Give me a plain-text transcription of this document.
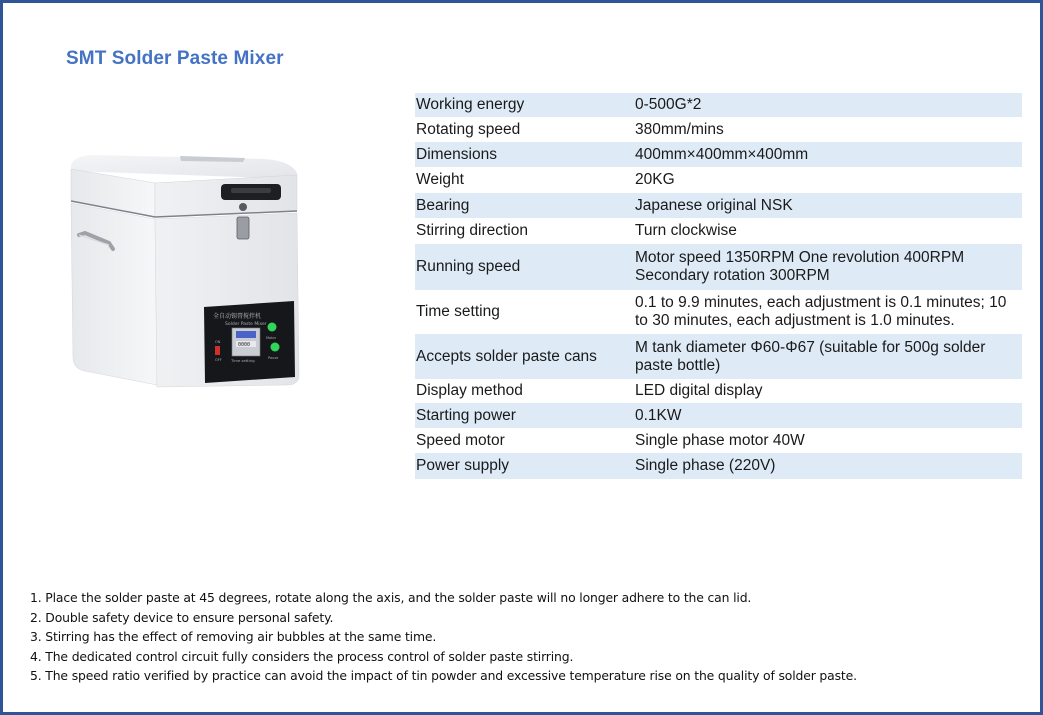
SMT Solder Paste Mixer
全自动锡膏搅拌机
Solder Paste Mixer
0000
Time setting
ON
OFF
Motor
Pause
Working energy	0-500G*2
Rotating speed	380mm/mins
Dimensions	400mm×400mm×400mm
Weight	20KG
Bearing	Japanese original NSK
Stirring direction	Turn clockwise
Running speed	Motor speed 1350RPM One revolution 400RPM Secondary rotation 300RPM
Time setting	0.1 to 9.9 minutes, each adjustment is 0.1 minutes; 10 to 30 minutes, each adjustment is 1.0 minutes.
Accepts solder paste cans	M tank diameter Φ60-Φ67 (suitable for 500g solder paste bottle)
Display method	LED digital display
Starting power	0.1KW
Speed motor	Single phase motor 40W
Power supply	Single phase (220V)
1. Place the solder paste at 45 degrees, rotate along the axis, and the solder paste will no longer adhere to the can lid.
2. Double safety device to ensure personal safety.
3. Stirring has the effect of removing air bubbles at the same time.
4. The dedicated control circuit fully considers the process control of solder paste stirring.
5. The speed ratio verified by practice can avoid the impact of tin powder and excessive temperature rise on the quality of solder paste.
